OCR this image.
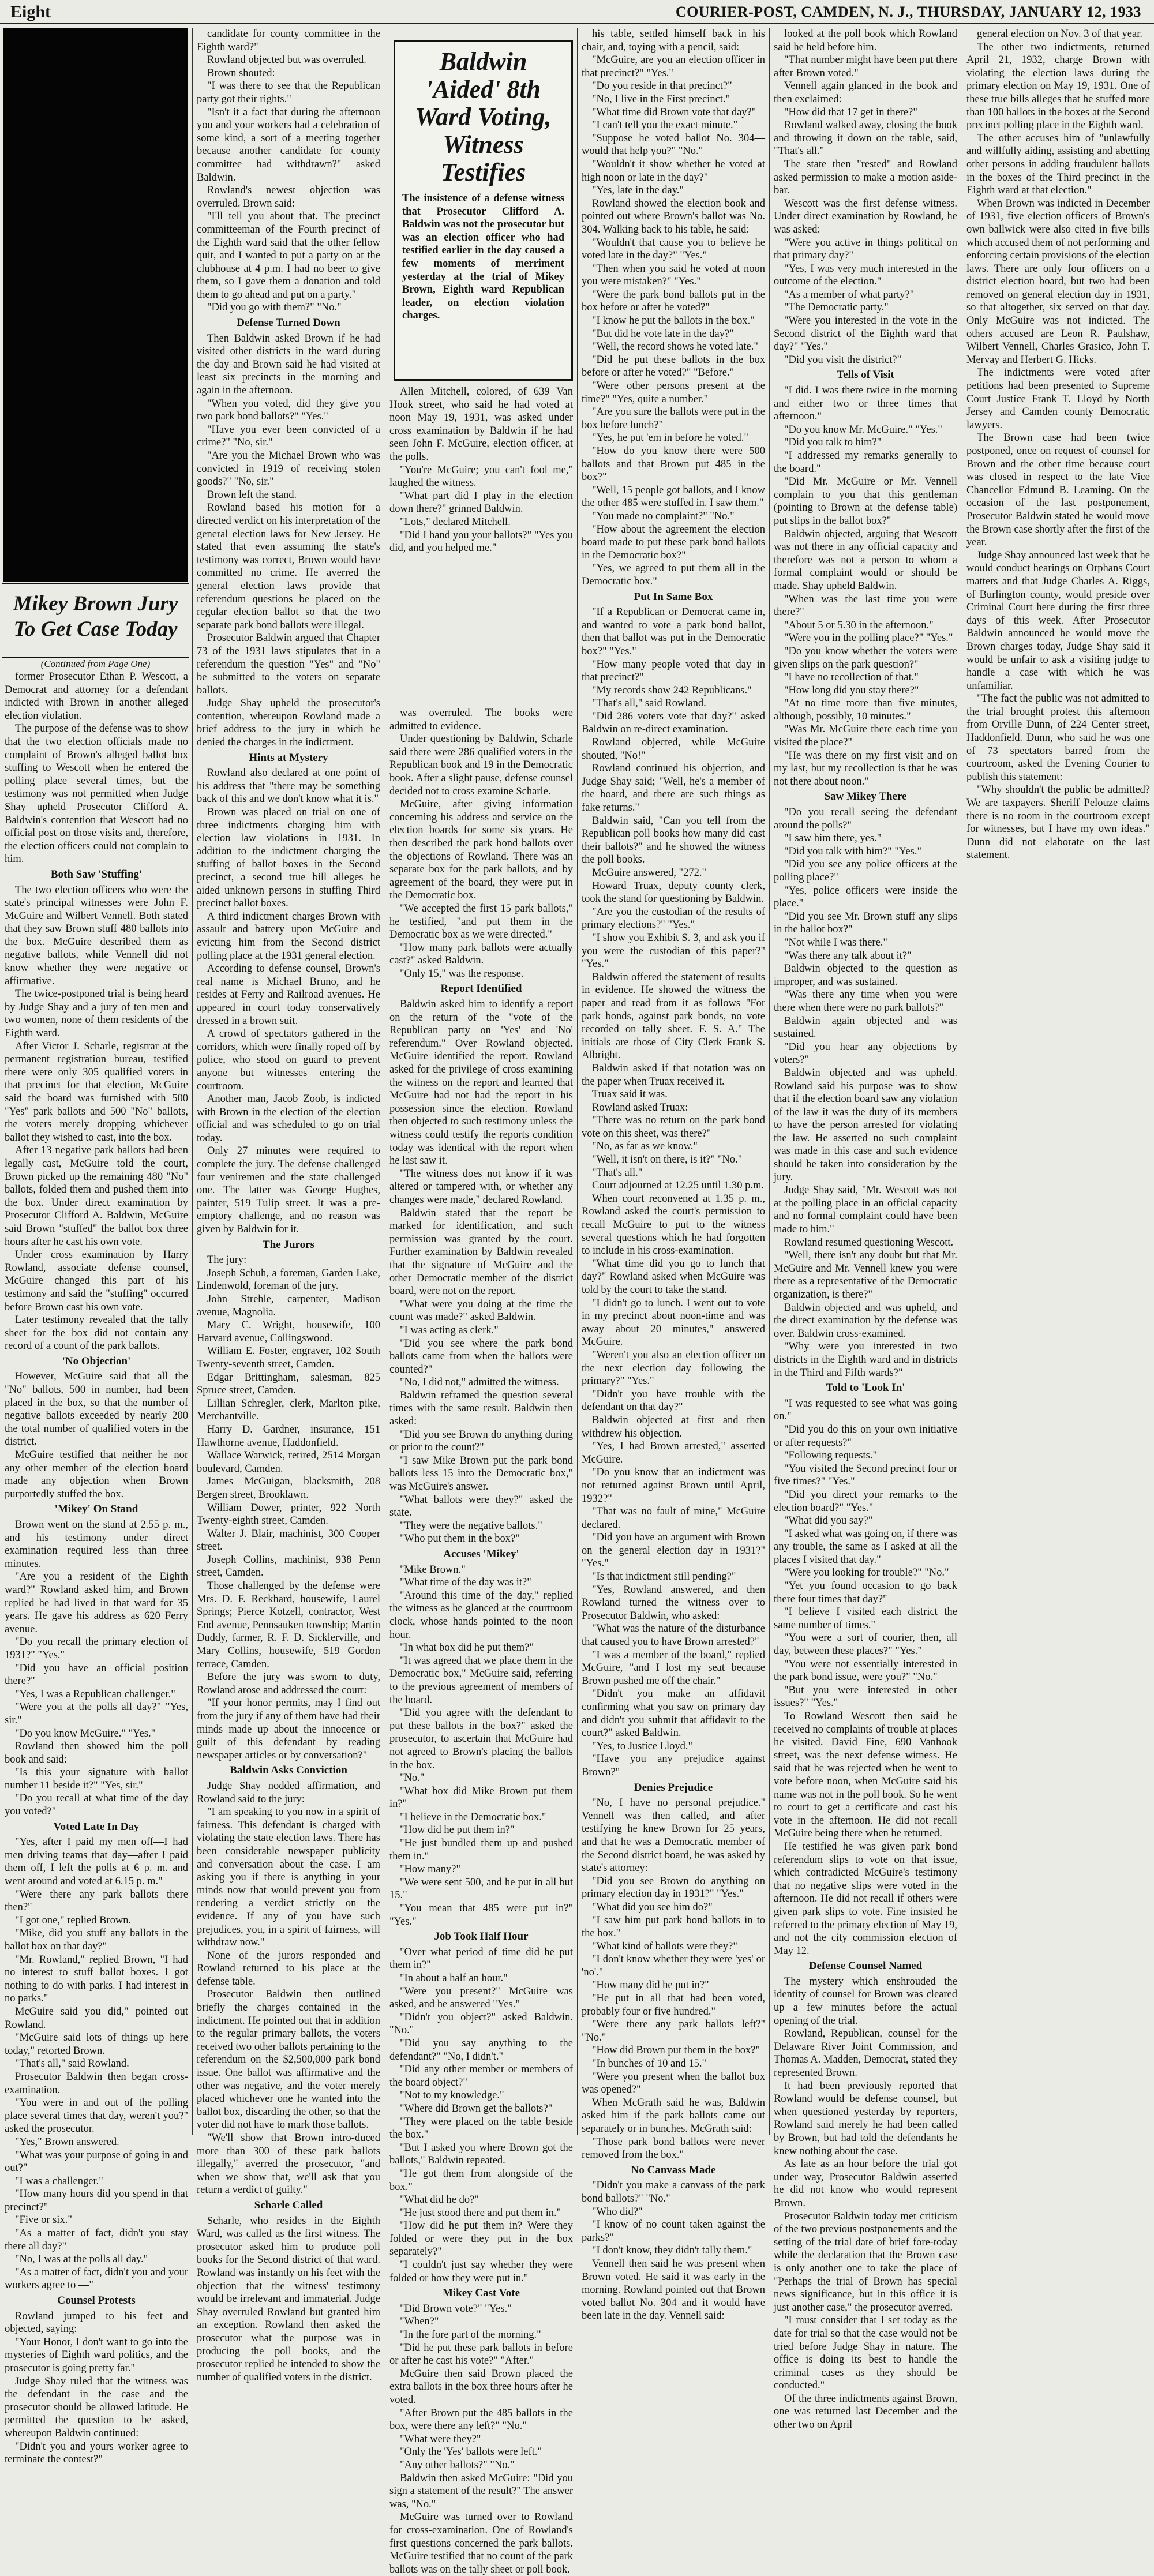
Eight	COURIER-POST, CAMDEN, N. J., THURSDAY, JANUARY 12, 1933
Mikey Brown Jury To Get Case Today
(Continued from Page One)

former Prosecutor Ethan P. Wescott, a Democrat and attorney for a defendant indicted with Brown in another alleged election violation.

The purpose of the defense was to show that the two election officials made no complaint of Brown's alleged ballot box stuffing to Wescott when he entered the polling place several times, but the testimony was not permitted when Judge Shay upheld Prosecutor Clifford A. Baldwin's contention that Wescott had no official post on those visits and, therefore, the election officers could not complain to him.

Both Saw 'Stuffing'

The two election officers who were the state's principal witnesses were John F. McGuire and Wilbert Vennell. Both stated that they saw Brown stuff 480 ballots into the box. McGuire described them as negative ballots, while Vennell did not know whether they were negative or affirmative.

The twice-postponed trial is being heard by Judge Shay and a jury of ten men and two women, none of them residents of the Eighth ward.

After Victor J. Scharle, registrar at the permanent registration bureau, testified there were only 305 qualified voters in that precinct for that election, McGuire said the board was furnished with 500 "Yes" park ballots and 500 "No" ballots, the voters merely dropping whichever ballot they wished to cast, into the box.

After 13 negative park ballots had been legally cast, McGuire told the court, Brown picked up the remaining 480 "No" ballots, folded them and pushed them into the box. Under direct examination by Prosecutor Clifford A. Baldwin, McGuire said Brown "stuffed" the ballot box three hours after he cast his own vote.

Under cross examination by Harry Rowland, associate defense counsel, McGuire changed this part of his testimony and said the "stuffing" occurred before Brown cast his own vote.

Later testimony revealed that the tally sheet for the box did not contain any record of a count of the park ballots.

'No Objection'

However, McGuire said that all the "No" ballots, 500 in number, had been placed in the box, so that the number of negative ballots exceeded by nearly 200 the total number of qualified voters in the district.

McGuire testified that neither he nor any other member of the election board made any objection when Brown purportedly stuffed the box.

'Mikey' On Stand

Brown went on the stand at 2.55 p. m., and his testimony under direct examination required less than three minutes.

"Are you a resident of the Eighth ward?" Rowland asked him, and Brown replied he had lived in that ward for 35 years. He gave his address as 620 Ferry avenue.

"Do you recall the primary election of 1931?" "Yes."

"Did you have an official position there?"

"Yes, I was a Republican challenger."

"Were you at the polls all day?" "Yes, sir."

"Do you know McGuire." "Yes."

Rowland then showed him the poll book and said:

"Is this your signature with ballot number 11 beside it?" "Yes, sir."

"Do you recall at what time of the day you voted?"

Voted Late In Day

"Yes, after I paid my men off—I had men driving teams that day—after I paid them off, I left the polls at 6 p. m. and went around and voted at 6.15 p. m."

"Were there any park ballots there then?"

"I got one," replied Brown.

"Mike, did you stuff any ballots in the ballot box on that day?"

"Mr. Rowland," replied Brown, "I had no interest to stuff ballot boxes. I got nothing to do with parks. I had interest in no parks."

McGuire said you did," pointed out Rowland.

"McGuire said lots of things up here today," retorted Brown.

"That's all," said Rowland.

Prosecutor Baldwin then began cross-examination.

"You were in and out of the polling place several times that day, weren't you?" asked the prosecutor.

"Yes," Brown answered.

"What was your purpose of going in and out?"

"I was a challenger."

"How many hours did you spend in that precinct?"

"Five or six."

"As a matter of fact, didn't you stay there all day?"

"No, I was at the polls all day."

"As a matter of fact, didn't you and your workers agree to —"

Counsel Protests

Rowland jumped to his feet and objected, saying:

"Your Honor, I don't want to go into the mysteries of Eighth ward politics, and the prosecutor is going pretty far."

Judge Shay ruled that the witness was the defendant in the case and the prosecutor should be allowed latitude. He permitted the question to be asked, whereupon Baldwin continued:

"Didn't you and yours worker agree to terminate the contest?"

candidate for county committee in the Eighth ward?"

Rowland objected but was overruled.

Brown shouted:

"I was there to see that the Republican party got their rights."

"Isn't it a fact that during the afternoon you and your workers had a celebration of some kind, a sort of a meeting together because another candidate for county committee had withdrawn?" asked Baldwin.

Rowland's newest objection was overruled. Brown said:

"I'll tell you about that. The precinct committeeman of the Fourth precinct of the Eighth ward said that the other fellow quit, and I wanted to put a party on at the clubhouse at 4 p.m. I had no beer to give them, so I gave them a donation and told them to go ahead and put on a party."

"Did you go with them?" "No."

Defense Turned Down

Then Baldwin asked Brown if he had visited other districts in the ward during the day and Brown said he had visited at least six precincts in the morning and again in the afternoon.

"When you voted, did they give you two park bond ballots?" "Yes."

"Have you ever been convicted of a crime?" "No, sir."

"Are you the Michael Brown who was convicted in 1919 of receiving stolen goods?" "No, sir."

Brown left the stand.

Rowland based his motion for a directed verdict on his interpretation of the general election laws for New Jersey. He stated that even assuming the state's testimony was correct, Brown would have committed no crime. He averred the general election laws provide that referendum questions be placed on the regular election ballot so that the two separate park bond ballots were illegal.

Prosecutor Baldwin argued that Chapter 73 of the 1931 laws stipulates that in a referendum the question "Yes" and "No" be submitted to the voters on separate ballots.

Judge Shay upheld the prosecutor's contention, whereupon Rowland made a brief address to the jury in which he denied the charges in the indictment.

Hints at Mystery

Rowland also declared at one point of his address that "there may be something back of this and we don't know what it is."

Brown was placed on trial on one of three indictments charging him with election law violations in 1931. In addition to the indictment charging the stuffing of ballot boxes in the Second precinct, a second true bill alleges he aided unknown persons in stuffing Third precinct ballot boxes.

A third indictment charges Brown with assault and battery upon McGuire and evicting him from the Second district polling place at the 1931 general election.

According to defense counsel, Brown's real name is Michael Bruno, and he resides at Ferry and Railroad avenues. He appeared in court today conservatively dressed in a brown suit.

A crowd of spectators gathered in the corridors, which were finally roped off by police, who stood on guard to prevent anyone but witnesses entering the courtroom.

Another man, Jacob Zoob, is indicted with Brown in the election of the election official and was scheduled to go on trial today.

Only 27 minutes were required to complete the jury. The defense challenged four veniremen and the state challenged one. The latter was George Hughes, painter, 519 Tulip street. It was a pre-emptory challenge, and no reason was given by Baldwin for it.

The Jurors

The jury:

Joseph Schuh, a foreman, Garden Lake, Lindenwold, foreman of the jury.

John Strehle, carpenter, Madison avenue, Magnolia.

Mary C. Wright, housewife, 100 Harvard avenue, Collingswood.

William E. Foster, engraver, 102 South Twenty-seventh street, Camden.

Edgar Brittingham, salesman, 825 Spruce street, Camden.

Lillian Schregler, clerk, Marlton pike, Merchantville.

Harry D. Gardner, insurance, 151 Hawthorne avenue, Haddonfield.

Wallace Warwick, retired, 2514 Morgan boulevard, Camden.

James McGuigan, blacksmith, 208 Bergen street, Brooklawn.

William Dower, printer, 922 North Twenty-eighth street, Camden.

Walter J. Blair, machinist, 300 Cooper street.

Joseph Collins, machinist, 938 Penn street, Camden.

Those challenged by the defense were Mrs. D. F. Reckhard, housewife, Laurel Springs; Pierce Kotzell, contractor, West End avenue, Pennsauken township; Martin Duddy, farmer, R. F. D. Sicklerville, and Mary Collins, housewife, 519 Gordon terrace, Camden.

Before the jury was sworn to duty, Rowland arose and addressed the court:

"If your honor permits, may I find out from the jury if any of them have had their minds made up about the innocence or guilt of this defendant by reading newspaper articles or by conversation?"

Baldwin Asks Conviction

Judge Shay nodded affirmation, and Rowland said to the jury:

"I am speaking to you now in a spirit of fairness. This defendant is charged with violating the state election laws. There has been considerable newspaper publicity and conversation about the case. I am asking you if there is anything in your minds now that would prevent you from rendering a verdict strictly on the evidence. If any of you have such prejudices, you, in a spirit of fairness, will withdraw now."

None of the jurors responded and Rowland returned to his place at the defense table.

Prosecutor Baldwin then outlined briefly the charges contained in the indictment. He pointed out that in addition to the regular primary ballots, the voters received two other ballots pertaining to the referendum on the $2,500,000 park bond issue. One ballot was affirmative and the other was negative, and the voter merely placed whichever one he wanted into the ballot box, discarding the other, so that the voter did not have to mark those ballots.

"We'll show that Brown intro-duced more than 300 of these park ballots illegally," averred the prosecutor, "and when we show that, we'll ask that you return a verdict of guilty."

Scharle Called

Scharle, who resides in the Eighth Ward, was called as the first witness. The prosecutor asked him to produce poll books for the Second district of that ward. Rowland was instantly on his feet with the objection that the witness' testimony would be irrelevant and immaterial. Judge Shay overruled Rowland but granted him an exception. Rowland then asked the prosecutor what the purpose was in producing the poll books, and the prosecutor replied he intended to show the number of qualified voters in the district.

Baldwin 'Aided' 8th Ward Voting, Witness Testifies
The insistence of a defense witness that Prosecutor Clifford A. Baldwin was not the prosecutor but was an election officer who had testified earlier in the day caused a few moments of merriment yesterday at the trial of Mikey Brown, Eighth ward Republican leader, on election violation charges.

Allen Mitchell, colored, of 639 Van Hook street, who said he had voted at noon May 19, 1931, was asked under cross examination by Baldwin if he had seen John F. McGuire, election officer, at the polls.

"You're McGuire; you can't fool me," laughed the witness.

"What part did I play in the election down there?" grinned Baldwin.

"Lots," declared Mitchell.

"Did I hand you your ballots?" "Yes you did, and you helped me."

was overruled. The books were admitted to evidence.

Under questioning by Baldwin, Scharle said there were 286 qualified voters in the Republican book and 19 in the Democratic book. After a slight pause, defense counsel decided not to cross examine Scharle.

McGuire, after giving information concerning his address and service on the election boards for some six years. He then described the park bond ballots over the objections of Rowland. There was an separate box for the park ballots, and by agreement of the board, they were put in the Democratic box.

"We accepted the first 15 park ballots," he testified, "and put them in the Democratic box as we were directed."

"How many park ballots were actually cast?" asked Baldwin.

"Only 15," was the response.

Report Identified

Baldwin asked him to identify a report on the return of the "vote of the Republican party on 'Yes' and 'No' referendum." Over Rowland objected. McGuire identified the report. Rowland asked for the privilege of cross examining the witness on the report and learned that McGuire had not had the report in his possession since the election. Rowland then objected to such testimony unless the witness could testify the reports condition today was identical with the report when he last saw it.

"The witness does not know if it was altered or tampered with, or whether any changes were made," declared Rowland.

Baldwin stated that the report be marked for identification, and such permission was granted by the court. Further examination by Baldwin revealed that the signature of McGuire and the other Democratic member of the district board, were not on the report.

"What were you doing at the time the count was made?" asked Baldwin.

"I was acting as clerk."

"Did you see where the park bond ballots came from when the ballots were counted?"

"No, I did not," admitted the witness.

Baldwin reframed the question several times with the same result. Baldwin then asked:

"Did you see Brown do anything during or prior to the count?"

"I saw Mike Brown put the park bond ballots less 15 into the Democratic box," was McGuire's answer.

"What ballots were they?" asked the state.

"They were the negative ballots."

"Who put them in the box?"

Accuses 'Mikey'

"Mike Brown."

"What time of the day was it?"

"Around this time of the day," replied the witness as he glanced at the courtroom clock, whose hands pointed to the noon hour.

"In what box did he put them?"

"It was agreed that we place them in the Democratic box," McGuire said, referring to the previous agreement of members of the board.

"Did you agree with the defendant to put these ballots in the box?" asked the prosecutor, to ascertain that McGuire had not agreed to Brown's placing the ballots in the box.

"No."

"What box did Mike Brown put them in?"

"I believe in the Democratic box."

"How did he put them in?"

"He just bundled them up and pushed them in."

"How many?"

"We were sent 500, and he put in all but 15."

"You mean that 485 were put in?" "Yes."

Job Took Half Hour

"Over what period of time did he put them in?"

"In about a half an hour."

"Were you present?" McGuire was asked, and he answered "Yes."

"Didn't you object?" asked Baldwin. "No."

"Did you say anything to the defendant?" "No, I didn't."

"Did any other member or members of the board object?"

"Not to my knowledge."

"Where did Brown get the ballots?"

"They were placed on the table beside the box."

"But I asked you where Brown got the ballots," Baldwin repeated.

"He got them from alongside of the box."

"What did he do?"

"He just stood there and put them in."

"How did he put them in? Were they folded or were they put in the box separately?"

"I couldn't just say whether they were folded or how they were put in."

Mikey Cast Vote

"Did Brown vote?" "Yes."

"When?"

"In the fore part of the morning."

"Did he put these park ballots in before or after he cast his vote?" "After."

McGuire then said Brown placed the extra ballots in the box three hours after he voted.

"After Brown put the 485 ballots in the box, were there any left?" "No."

"What were they?"

"Only the 'Yes' ballots were left."

"Any other ballots?" "No."

Baldwin then asked McGuire: "Did you sign a statement of the result?" The answer was, "No."

McGuire was turned over to Rowland for cross-examination. One of Rowland's first questions concerned the park ballots. McGuire testified that no count of the park ballots was on the tally sheet or poll book.

his table, settled himself back in his chair, and, toying with a pencil, said:

"McGuire, are you an election officer in that precinct?" "Yes."

"Do you reside in that precinct?"

"No, I live in the First precinct."

"What time did Brown vote that day?"

"I can't tell you the exact minute."

"Suppose he voted ballot No. 304—would that help you?" "No."

"Wouldn't it show whether he voted at high noon or late in the day?"

"Yes, late in the day."

Rowland showed the election book and pointed out where Brown's ballot was No. 304. Walking back to his table, he said:

"Wouldn't that cause you to believe he voted late in the day?" "Yes."

"Then when you said he voted at noon you were mistaken?" "Yes."

"Were the park bond ballots put in the box before or after he voted?"

"I know he put the ballots in the box."

"But did he vote late in the day?"

"Well, the record shows he voted late."

"Did he put these ballots in the box before or after he voted?" "Before."

"Were other persons present at the time?" "Yes, quite a number."

"Are you sure the ballots were put in the box before lunch?"

"Yes, he put 'em in before he voted."

"How do you know there were 500 ballots and that Brown put 485 in the box?"

"Well, 15 people got ballots, and I know the other 485 were stuffed in. I saw them."

"You made no complaint?" "No."

"How about the agreement the election board made to put these park bond ballots in the Democratic box?"

"Yes, we agreed to put them all in the Democratic box."

Put In Same Box

"If a Republican or Democrat came in, and wanted to vote a park bond ballot, then that ballot was put in the Democratic box?" "Yes."

"How many people voted that day in that precinct?"

"My records show 242 Republicans."

"That's all," said Rowland.

"Did 286 voters vote that day?" asked Baldwin on re-direct examination.

Rowland objected, while McGuire shouted, "No!"

Rowland continued his objection, and Judge Shay said; "Well, he's a member of the board, and there are such things as fake returns."

Baldwin said, "Can you tell from the Republican poll books how many did cast their ballots?" and he showed the witness the poll books.

McGuire answered, "272."

Howard Truax, deputy county clerk, took the stand for questioning by Baldwin.

"Are you the custodian of the results of primary elections?" "Yes."

"I show you Exhibit S. 3, and ask you if you were the custodian of this paper?" "Yes."

Baldwin offered the statement of results in evidence. He showed the witness the paper and read from it as follows "For park bonds, against park bonds, no vote recorded on tally sheet. F. S. A." The initials are those of City Clerk Frank S. Albright.

Baldwin asked if that notation was on the paper when Truax received it.

Truax said it was.

Rowland asked Truax:

"There was no return on the park bond vote on this sheet, was there?"

"No, as far as we know."

"Well, it isn't on there, is it?" "No."

"That's all."

Court adjourned at 12.25 until 1.30 p.m.

When court reconvened at 1.35 p. m., Rowland asked the court's permission to recall McGuire to put to the witness several questions which he had forgotten to include in his cross-examination.

"What time did you go to lunch that day?" Rowland asked when McGuire was told by the court to take the stand.

"I didn't go to lunch. I went out to vote in my precinct about noon-time and was away about 20 minutes," answered McGuire.

"Weren't you also an election officer on the next election day following the primary?" "Yes."

"Didn't you have trouble with the defendant on that day?"

Baldwin objected at first and then withdrew his objection.

"Yes, I had Brown arrested," asserted McGuire.

"Do you know that an indictment was not returned against Brown until April, 1932?"

"That was no fault of mine," McGuire declared.

"Did you have an argument with Brown on the general election day in 1931?" "Yes."

"Is that indictment still pending?"

"Yes, Rowland answered, and then Rowland turned the witness over to Prosecutor Baldwin, who asked:

"What was the nature of the disturbance that caused you to have Brown arrested?"

"I was a member of the board," replied McGuire, "and I lost my seat because Brown pushed me off the chair."

"Didn't you make an affidavit confirming what you saw on primary day and didn't you submit that affidavit to the court?" asked Baldwin.

"Yes, to Justice Lloyd."

"Have you any prejudice against Brown?"

Denies Prejudice

"No, I have no personal prejudice." Vennell was then called, and after testifying he knew Brown for 25 years, and that he was a Democratic member of the Second district board, he was asked by state's attorney:

"Did you see Brown do anything on primary election day in 1931?" "Yes."

"What did you see him do?"

"I saw him put park bond ballots in to the box."

"What kind of ballots were they?"

"I don't know whether they were 'yes' or 'no'."

"How many did he put in?"

"He put in all that had been voted, probably four or five hundred."

"Were there any park ballots left?" "No."

"How did Brown put them in the box?"

"In bunches of 10 and 15."

"Were you present when the ballot box was opened?"

When McGrath said he was, Baldwin asked him if the park ballots came out separately or in bunches. McGrath said:

"Those park bond ballots were never removed from the box."

No Canvass Made

"Didn't you make a canvass of the park bond ballots?" "No."

"Who did?"

"I know of no count taken against the parks?"

"I don't know, they didn't tally them."

Vennell then said he was present when Brown voted. He said it was early in the morning. Rowland pointed out that Brown voted ballot No. 304 and it would have been late in the day. Vennell said:

looked at the poll book which Rowland said he held before him.

"That number might have been put there after Brown voted."

Vennell again glanced in the book and then exclaimed:

"How did that 17 get in there?"

Rowland walked away, closing the book and throwing it down on the table, said, "That's all."

The state then "rested" and Rowland asked permission to make a motion aside-bar.

Wescott was the first defense witness. Under direct examination by Rowland, he was asked:

"Were you active in things political on that primary day?"

"Yes, I was very much interested in the outcome of the election."

"As a member of what party?"

"The Democratic party."

"Were you interested in the vote in the Second district of the Eighth ward that day?" "Yes."

"Did you visit the district?"

Tells of Visit

"I did. I was there twice in the morning and either two or three times that afternoon."

"Do you know Mr. McGuire." "Yes."

"Did you talk to him?"

"I addressed my remarks generally to the board."

"Did Mr. McGuire or Mr. Vennell complain to you that this gentleman (pointing to Brown at the defense table) put slips in the ballot box?"

Baldwin objected, arguing that Wescott was not there in any official capacity and therefore was not a person to whom a formal complaint would or should be made. Shay upheld Baldwin.

"When was the last time you were there?"

"About 5 or 5.30 in the afternoon."

"Were you in the polling place?" "Yes."

"Do you know whether the voters were given slips on the park question?"

"I have no recollection of that."

"How long did you stay there?"

"At no time more than five minutes, although, possibly, 10 minutes."

"Was Mr. McGuire there each time you visited the place?"

"He was there on my first visit and on my last, but my recollection is that he was not there about noon."

Saw Mikey There

"Do you recall seeing the defendant around the polls?"

"I saw him there, yes."

"Did you talk with him?" "Yes."

"Did you see any police officers at the polling place?"

"Yes, police officers were inside the place."

"Did you see Mr. Brown stuff any slips in the ballot box?"

"Not while I was there."

"Was there any talk about it?"

Baldwin objected to the question as improper, and was sustained.

"Was there any time when you were there when there were no park ballots?"

Baldwin again objected and was sustained.

"Did you hear any objections by voters?"

Baldwin objected and was upheld. Rowland said his purpose was to show that if the election board saw any violation of the law it was the duty of its members to have the person arrested for violating the law. He asserted no such complaint was made in this case and such evidence should be taken into consideration by the jury.

Judge Shay said, "Mr. Wescott was not at the polling place in an official capacity and no formal complaint could have been made to him."

Rowland resumed questioning Wescott.

"Well, there isn't any doubt but that Mr. McGuire and Mr. Vennell knew you were there as a representative of the Democratic organization, is there?"

Baldwin objected and was upheld, and the direct examination by the defense was over. Baldwin cross-examined.

"Why were you interested in two districts in the Eighth ward and in districts in the Third and Fifth wards?"

Told to 'Look In'

"I was requested to see what was going on."

"Did you do this on your own initiative or after requests?"

"Following requests."

"You visited the Second precinct four or five times?" "Yes."

"Did you direct your remarks to the election board?" "Yes."

"What did you say?"

"I asked what was going on, if there was any trouble, the same as I asked at all the places I visited that day."

"Were you looking for trouble?" "No."

"Yet you found occasion to go back there four times that day?"

"I believe I visited each district the same number of times."

"You were a sort of courier, then, all day, between these places?" "Yes."

"You were not essentially interested in the park bond issue, were you?" "No."

"But you were interested in other issues?" "Yes."

To Rowland Wescott then said he received no complaints of trouble at places he visited. David Fine, 690 Vanhook street, was the next defense witness. He said that he was rejected when he went to vote before noon, when McGuire said his name was not in the poll book. So he went to court to get a certificate and cast his vote in the afternoon. He did not recall McGuire being there when he returned.

He testified he was given park bond referendum slips to vote on that issue, which contradicted McGuire's testimony that no negative slips were voted in the afternoon. He did not recall if others were given park slips to vote. Fine insisted he referred to the primary election of May 19, and not the city commission election of May 12.

Defense Counsel Named

The mystery which enshrouded the identity of counsel for Brown was cleared up a few minutes before the actual opening of the trial.

Rowland, Republican, counsel for the Delaware River Joint Commission, and Thomas A. Madden, Democrat, stated they represented Brown.

It had been previously reported that Rowland would be defense counsel, but when questioned yesterday by reporters, Rowland said merely he had been called by Brown, but had told the defendants he knew nothing about the case.

As late as an hour before the trial got under way, Prosecutor Baldwin asserted he did not know who would represent Brown.

Prosecutor Baldwin today met criticism of the two previous postponements and the setting of the trial date of brief fore-today while the declaration that the Brown case is only another one to take the place of "Perhaps the trial of Brown has special news significance, but in this office it is just another case," the prosecutor averred.

"I must consider that I set today as the date for trial so that the case would not be tried before Judge Shay in nature. The office is doing its best to handle the criminal cases as they should be conducted."

Of the three indictments against Brown, one was returned last December and the other two on April

general election on Nov. 3 of that year.

The other two indictments, returned April 21, 1932, charge Brown with violating the election laws during the primary election on May 19, 1931. One of these true bills alleges that he stuffed more than 100 ballots in the boxes at the Second precinct polling place in the Eighth ward.

The other accuses him of "unlawfully and willfully aiding, assisting and abetting other persons in adding fraudulent ballots in the boxes of the Third precinct in the Eighth ward at that election."

When Brown was indicted in December of 1931, five election officers of Brown's own ballwick were also cited in five bills which accused them of not performing and enforcing certain provisions of the election laws. There are only four officers on a district election board, but two had been removed on general election day in 1931, so that altogether, six served on that day. Only McGuire was not indicted. The others accused are Leon R. Paulshaw, Wilbert Vennell, Charles Grasico, John T. Mervay and Herbert G. Hicks.

The indictments were voted after petitions had been presented to Supreme Court Justice Frank T. Lloyd by North Jersey and Camden county Democratic lawyers.

The Brown case had been twice postponed, once on request of counsel for Brown and the other time because court was closed in respect to the late Vice Chancellor Edmund B. Leaming. On the occasion of the last postponement, Prosecutor Baldwin stated he would move the Brown case shortly after the first of the year.

Judge Shay announced last week that he would conduct hearings on Orphans Court matters and that Judge Charles A. Riggs, of Burlington county, would preside over Criminal Court here during the first three days of this week. After Prosecutor Baldwin announced he would move the Brown charges today, Judge Shay said it would be unfair to ask a visiting judge to handle a case with which he was unfamiliar.

"The fact the public was not admitted to the trial brought protest this afternoon from Orville Dunn, of 224 Center street, Haddonfield. Dunn, who said he was one of 73 spectators barred from the courtroom, asked the Evening Courier to publish this statement:

"Why shouldn't the public be admitted? We are taxpayers. Sheriff Pelouze claims there is no room in the courtroom except for witnesses, but I have my own ideas." Dunn did not elaborate on the last statement.
